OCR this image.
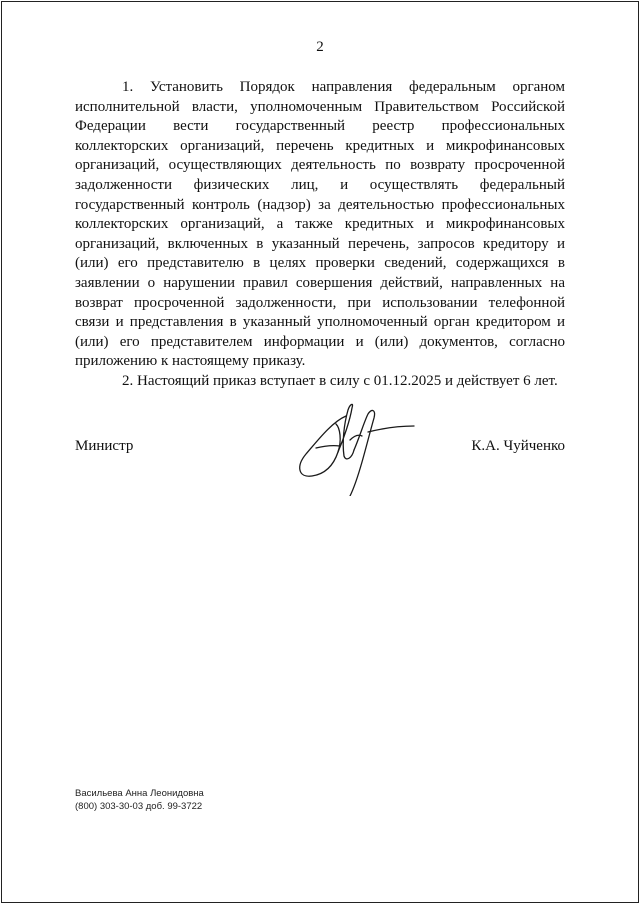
2

1. Установить Порядок направления федеральным органом исполнительной власти, уполномоченным Правительством Российской Федерации вести государственный реестр профессиональных коллекторских организаций, перечень кредитных и микрофинансовых организаций, осуществляющих деятельность по возврату просроченной задолженности физических лиц, и осуществлять федеральный государственный контроль (надзор) за деятельностью профессиональных коллекторских организаций, а также кредитных и микрофинансовых организаций, включенных в указанный перечень, запросов кредитору и (или) его представителю в целях проверки сведений, содержащихся в заявлении о нарушении правил совершения действий, направленных на возврат просроченной задолженности, при использовании телефонной связи и представления в указанный уполномоченный орган кредитором и (или) его представителем информации и (или) документов, согласно приложению к настоящему приказу.

2. Настоящий приказ вступает в силу с 01.12.2025 и действует 6 лет.

Министр	К.А. Чуйченко
Васильева Анна Леонидовна
(800) 303-30-03 доб. 99-3722
